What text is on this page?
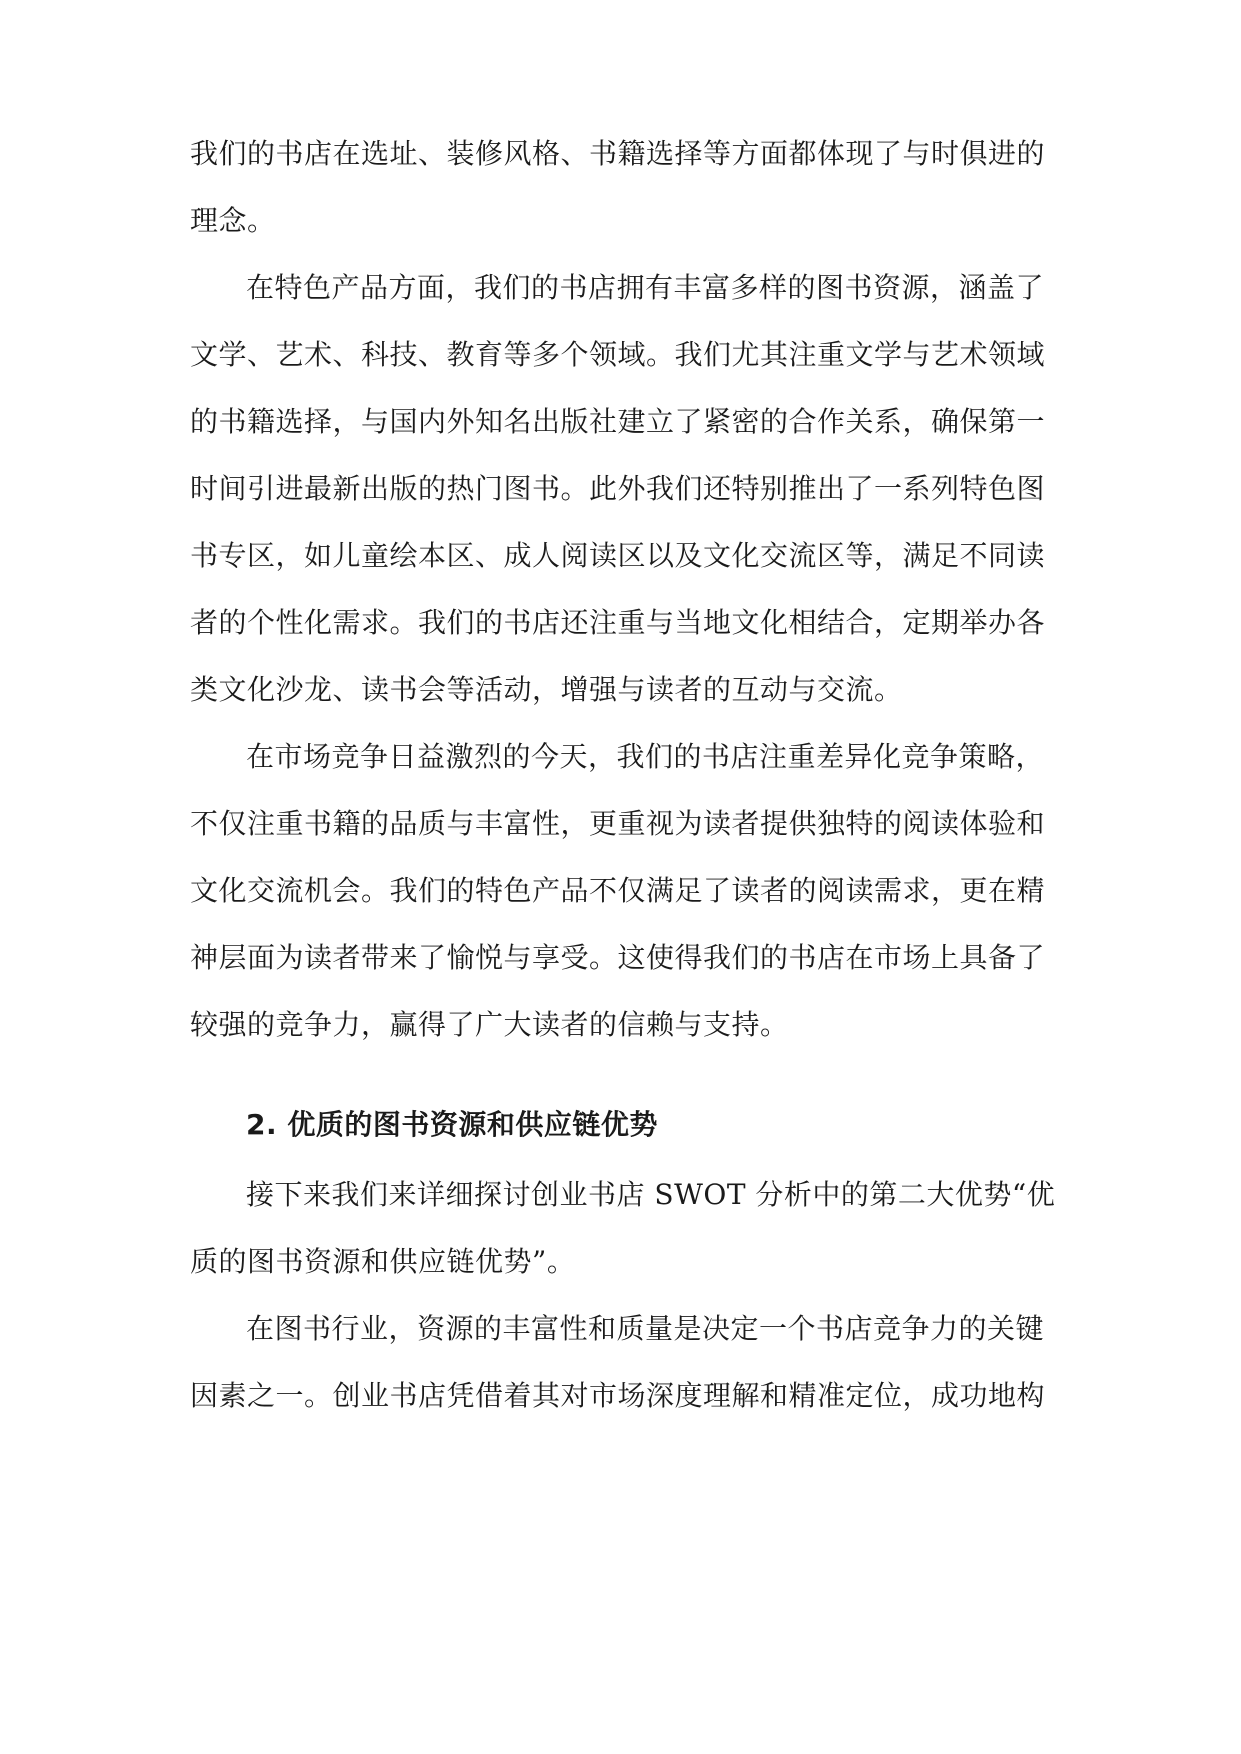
我们的书店在选址、装修风格、书籍选择等方面都体现了与时俱进的
理念。
在特色产品方面，我们的书店拥有丰富多样的图书资源，涵盖了
文学、艺术、科技、教育等多个领域。我们尤其注重文学与艺术领域
的书籍选择，与国内外知名出版社建立了紧密的合作关系，确保第一
时间引进最新出版的热门图书。此外我们还特别推出了一系列特色图
书专区，如儿童绘本区、成人阅读区以及文化交流区等，满足不同读
者的个性化需求。我们的书店还注重与当地文化相结合，定期举办各
类文化沙龙、读书会等活动，增强与读者的互动与交流。
在市场竞争日益激烈的今天，我们的书店注重差异化竞争策略，
不仅注重书籍的品质与丰富性，更重视为读者提供独特的阅读体验和
文化交流机会。我们的特色产品不仅满足了读者的阅读需求，更在精
神层面为读者带来了愉悦与享受。这使得我们的书店在市场上具备了
较强的竞争力，赢得了广大读者的信赖与支持。
2. 优质的图书资源和供应链优势
接下来我们来详细探讨创业书店 SWOT 分析中的第二大优势“优
质的图书资源和供应链优势”。
在图书行业，资源的丰富性和质量是决定一个书店竞争力的关键
因素之一。创业书店凭借着其对市场深度理解和精准定位，成功地构
